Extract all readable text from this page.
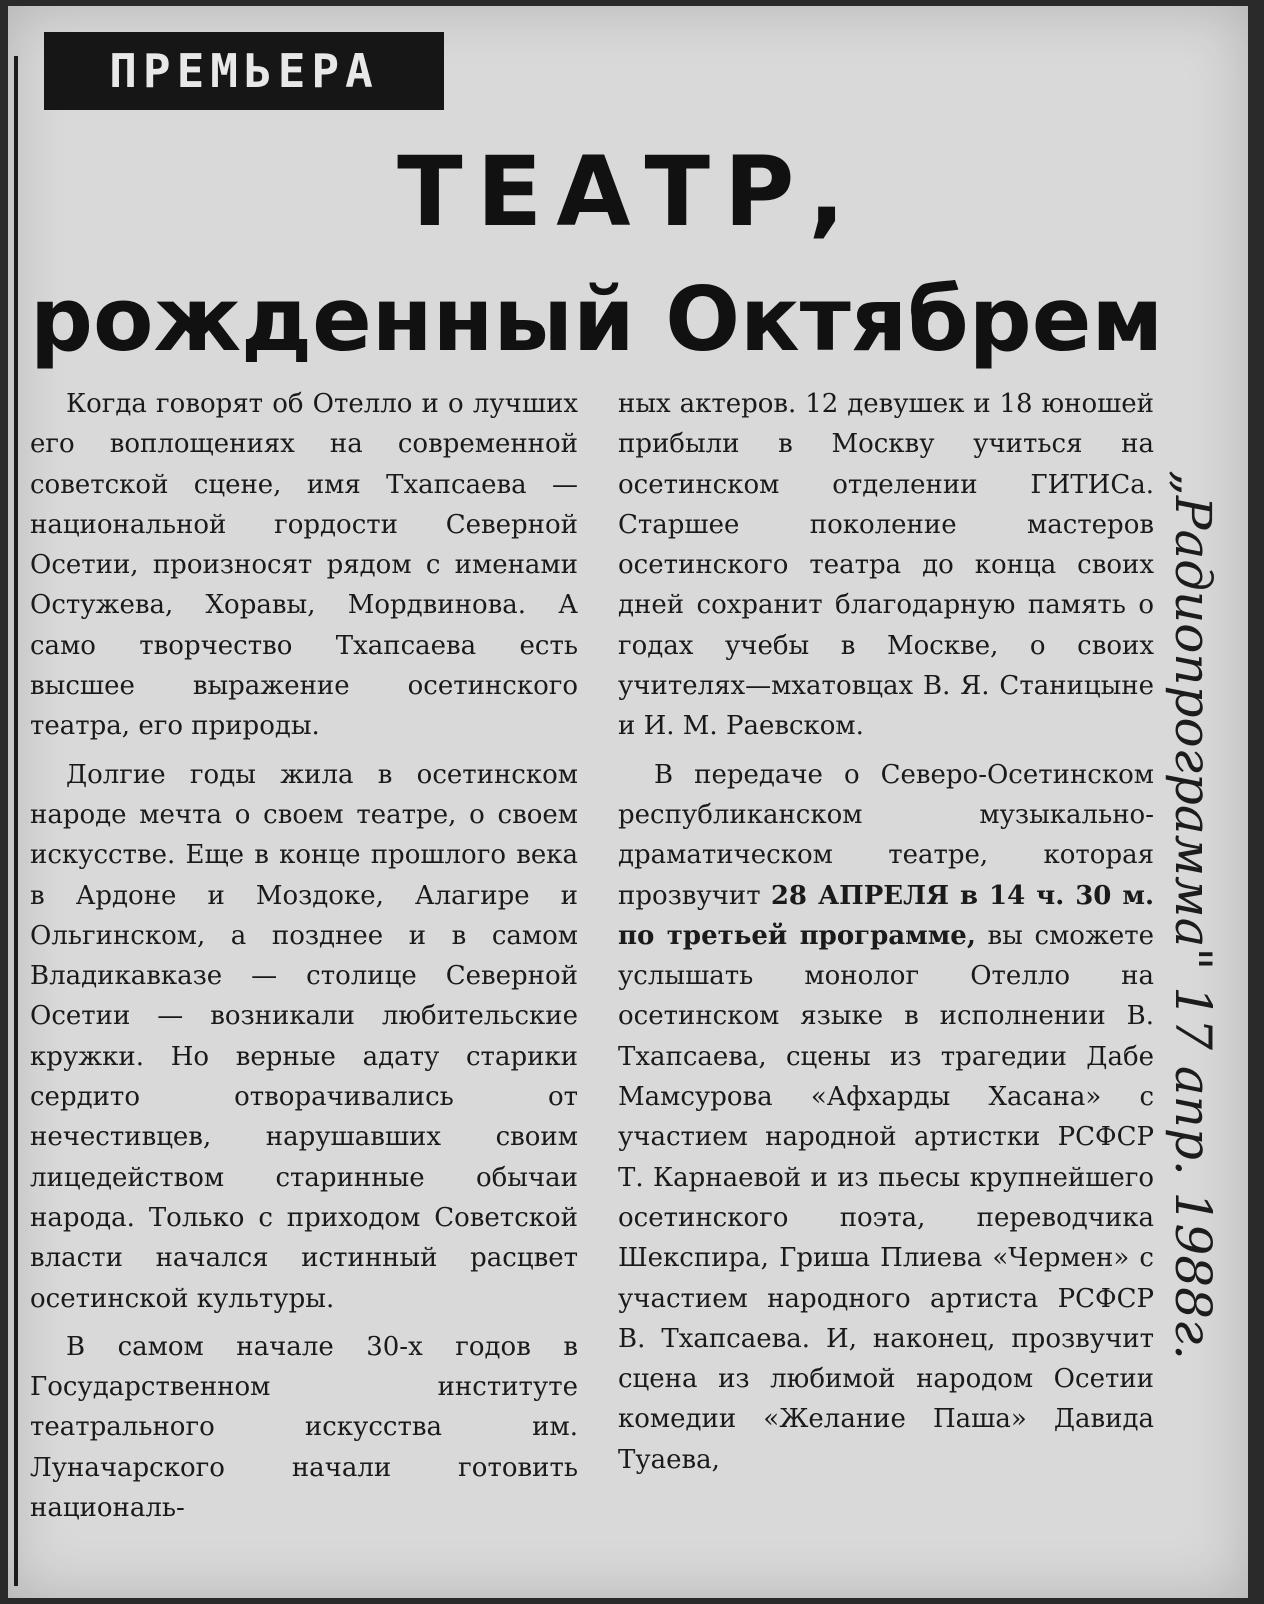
ПРЕМЬЕРА
ТЕАТР,
рожденный Октябрем

Когда говорят об Отелло и о лучших его воплощениях на современной советской сцене, имя Тхапсаева — национальной гордости Северной Осетии, произносят рядом с именами Остужева, Хоравы, Мордвинова. А само творчество Тхапсаева есть высшее выражение осетинского театра, его природы.

Долгие годы жила в осетинском народе мечта о своем театре, о своем искусстве. Еще в конце прошлого века в Ардоне и Моздоке, Алагире и Ольгинском, а позднее и в самом Владикавказе — столице Северной Осетии — возникали любительские кружки. Но верные адату старики сердито отворачивались от нечестивцев, нарушавших своим лицедейством старинные обычаи народа. Только с приходом Советской власти начался истинный расцвет осетинской культуры.

В самом начале 30-х годов в Государственном институте театрального искусства им. Луначарского начали готовить националь-

ных актеров. 12 девушек и 18 юношей прибыли в Москву учиться на осетинском отделении ГИТИСа. Старшее поколение мастеров осетинского театра до конца своих дней сохранит благодарную память о годах учебы в Москве, о своих учителях—мхатовцах В. Я. Станицыне и И. М. Раевском.

В передаче о Северо-Осетинском республиканском музыкально-драматическом театре, которая прозвучит 28 АПРЕЛЯ в 14 ч. 30 м. по третьей программе, вы сможете услышать монолог Отелло на осетинском языке в исполнении В. Тхапсаева, сцены из трагедии Дабе Мамсурова «Афхарды Хасана» с участием народной артистки РСФСР Т. Карнаевой и из пьесы крупнейшего осетинского поэта, переводчика Шекспира, Гриша Плиева «Чермен» с участием народного артиста РСФСР В. Тхапсаева. И, наконец, прозвучит сцена из любимой народом Осетии комедии «Желание Паша» Давида Туаева,

„Радиопрограмма" 17 апр. 1988г.
